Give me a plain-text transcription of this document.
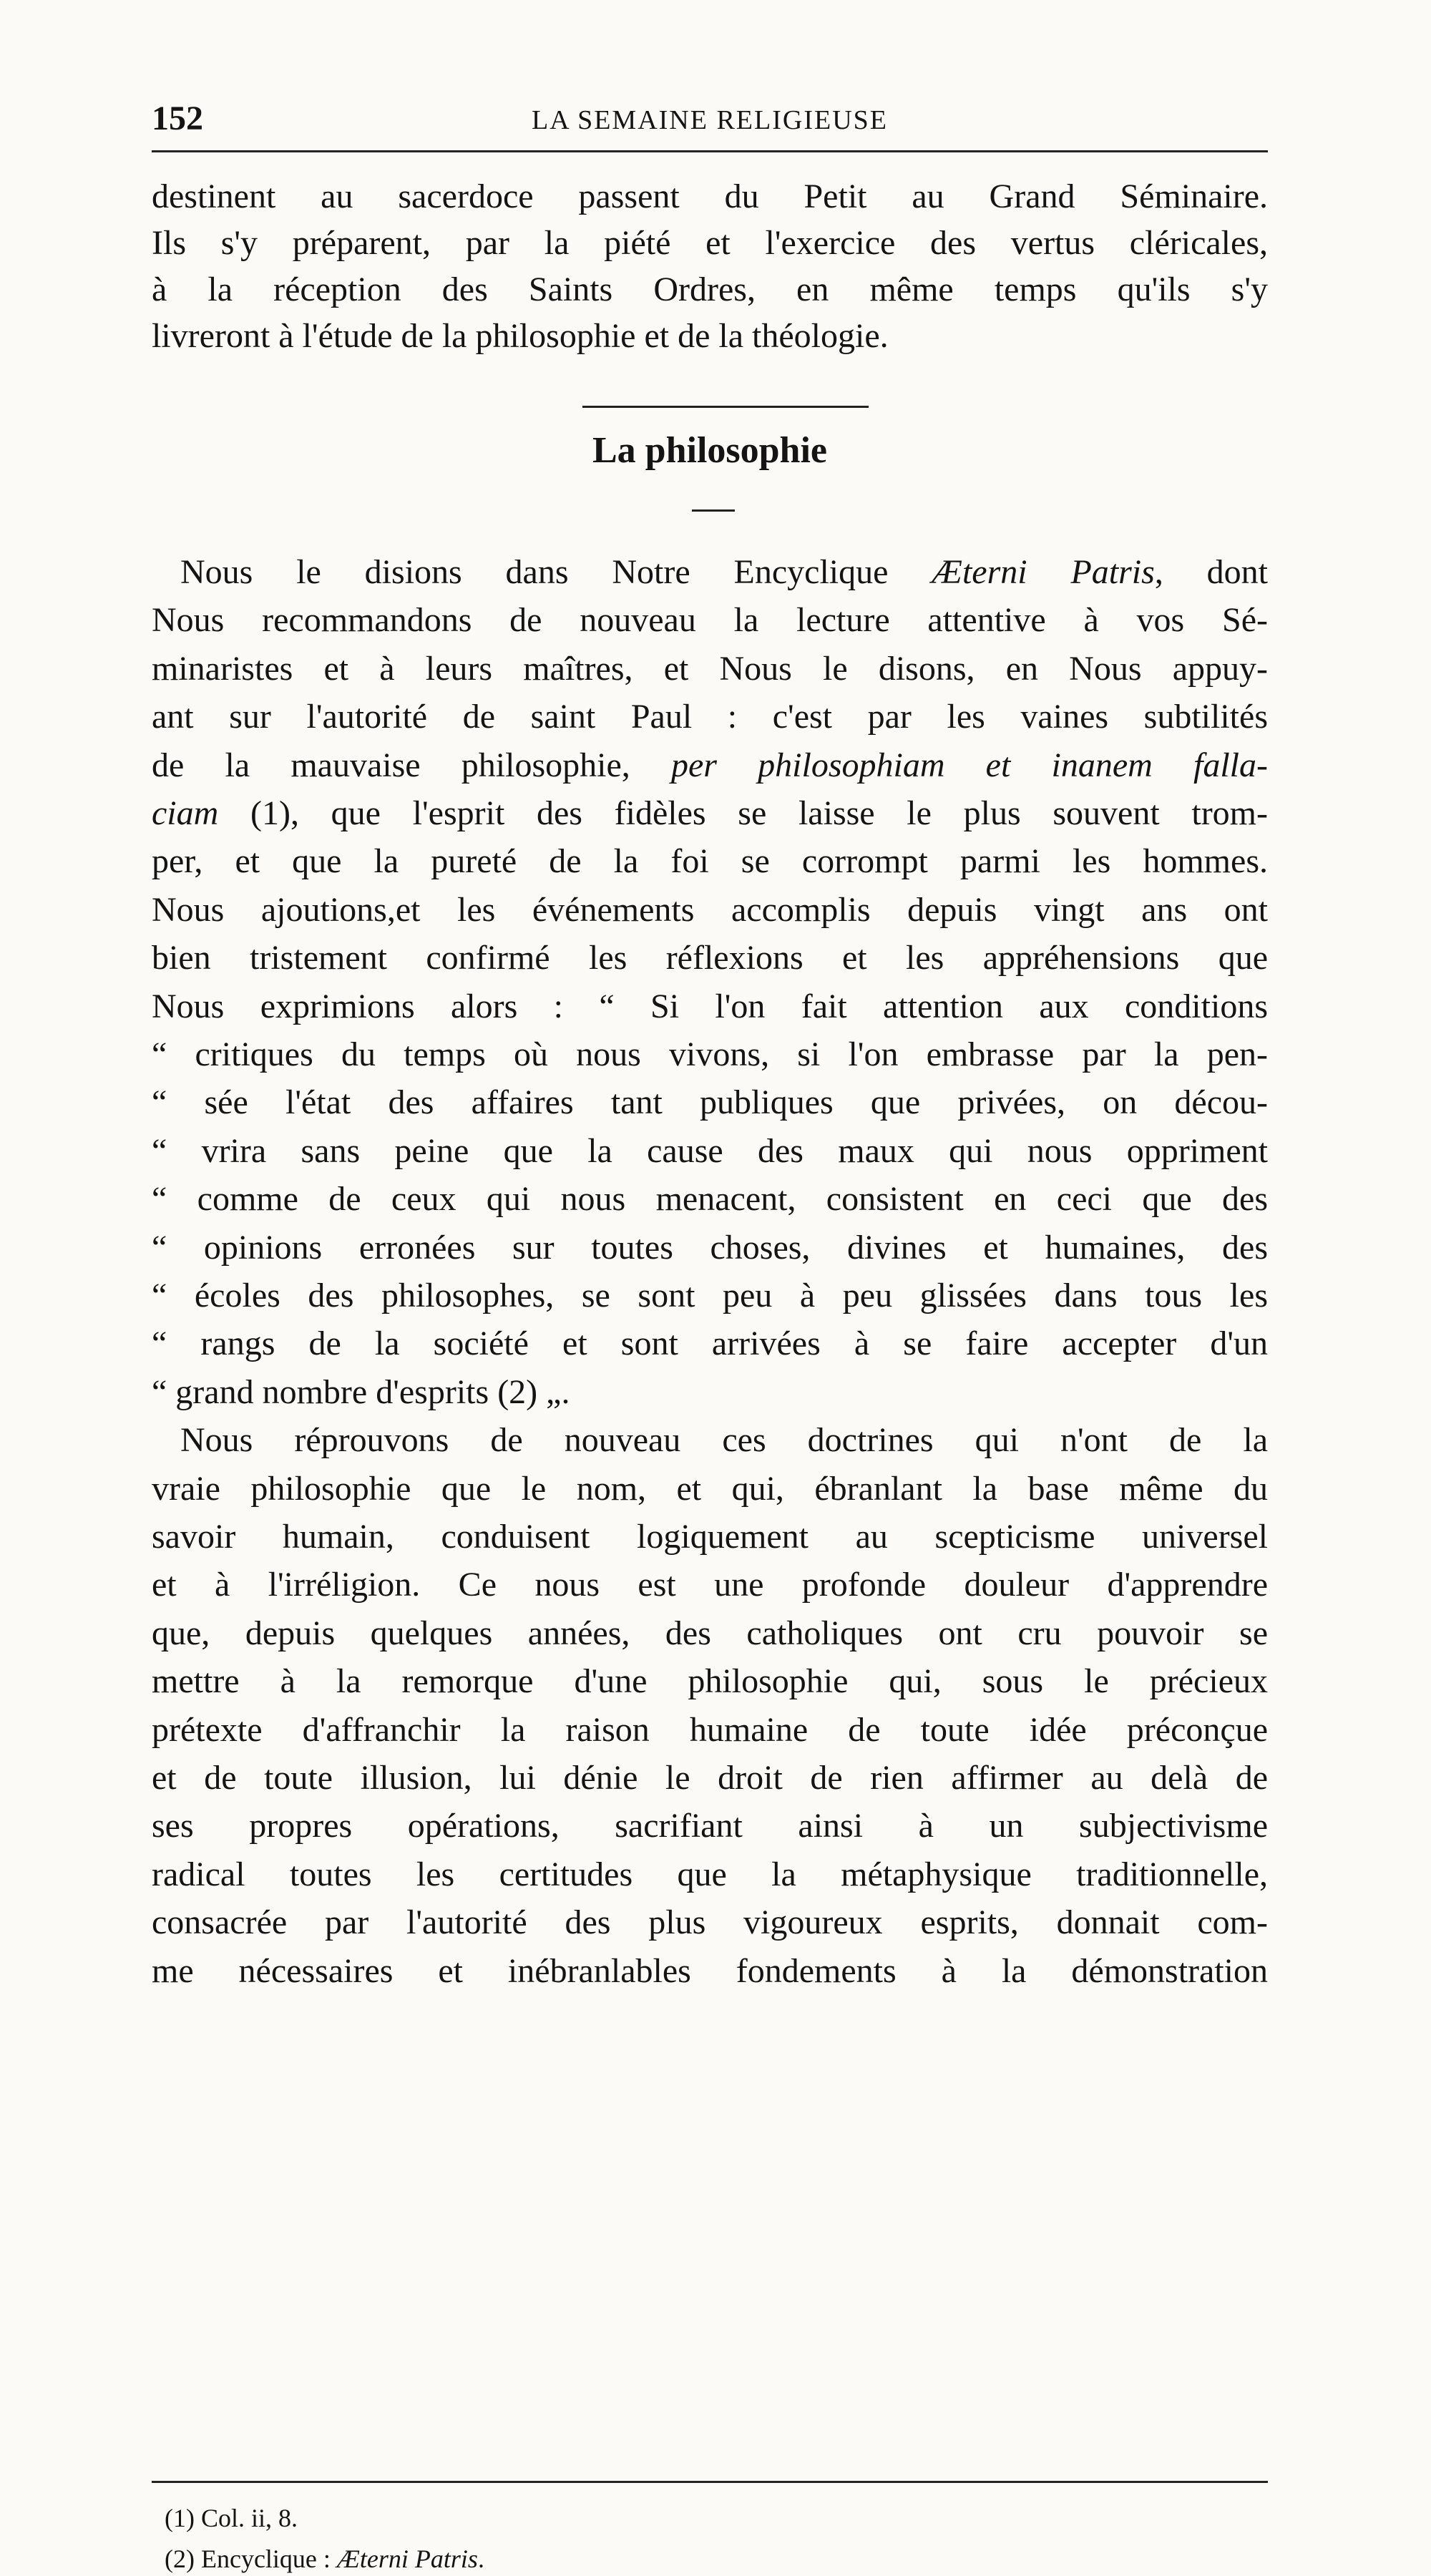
152	LA SEMAINE RELIGIEUSE
destinent au sacerdoce passent du Petit au Grand Séminaire.
Ils s'y préparent, par la piété et l'exercice des vertus cléricales,
à la réception des Saints Ordres, en même temps qu'ils s'y
livreront à l'étude de la philosophie et de la théologie.
La philosophie
Nous le disions dans Notre Encyclique Æterni Patris, dont
Nous recommandons de nouveau la lecture attentive à vos Sé-
minaristes et à leurs maîtres, et Nous le disons, en Nous appuy-
ant sur l'autorité de saint Paul : c'est par les vaines subtilités
de la mauvaise philosophie, per philosophiam et inanem falla-
ciam (1), que l'esprit des fidèles se laisse le plus souvent trom-
per, et que la pureté de la foi se corrompt parmi les hommes.
Nous ajoutions,et les événements accomplis depuis vingt ans ont
bien tristement confirmé les réflexions et les appréhensions que
Nous exprimions alors : “ Si l'on fait attention aux conditions
“ critiques du temps où nous vivons, si l'on embrasse par la pen-
“ sée l'état des affaires tant publiques que privées, on décou-
“ vrira sans peine que la cause des maux qui nous oppriment
“ comme de ceux qui nous menacent, consistent en ceci que des
“ opinions erronées sur toutes choses, divines et humaines, des
“ écoles des philosophes, se sont peu à peu glissées dans tous les
“ rangs de la société et sont arrivées à se faire accepter d'un
“ grand nombre d'esprits (2) „.
Nous réprouvons de nouveau ces doctrines qui n'ont de la
vraie philosophie que le nom, et qui, ébranlant la base même du
savoir humain, conduisent logiquement au scepticisme universel
et à l'irréligion. Ce nous est une profonde douleur d'apprendre
que, depuis quelques années, des catholiques ont cru pouvoir se
mettre à la remorque d'une philosophie qui, sous le précieux
prétexte d'affranchir la raison humaine de toute idée préconçue
et de toute illusion, lui dénie le droit de rien affirmer au delà de
ses propres opérations, sacrifiant ainsi à un subjectivisme
radical toutes les certitudes que la métaphysique traditionnelle,
consacrée par l'autorité des plus vigoureux esprits, donnait com-
me nécessaires et inébranlables fondements à la démonstration
(1) Col. ii, 8.
(2) Encyclique : Æterni Patris.
